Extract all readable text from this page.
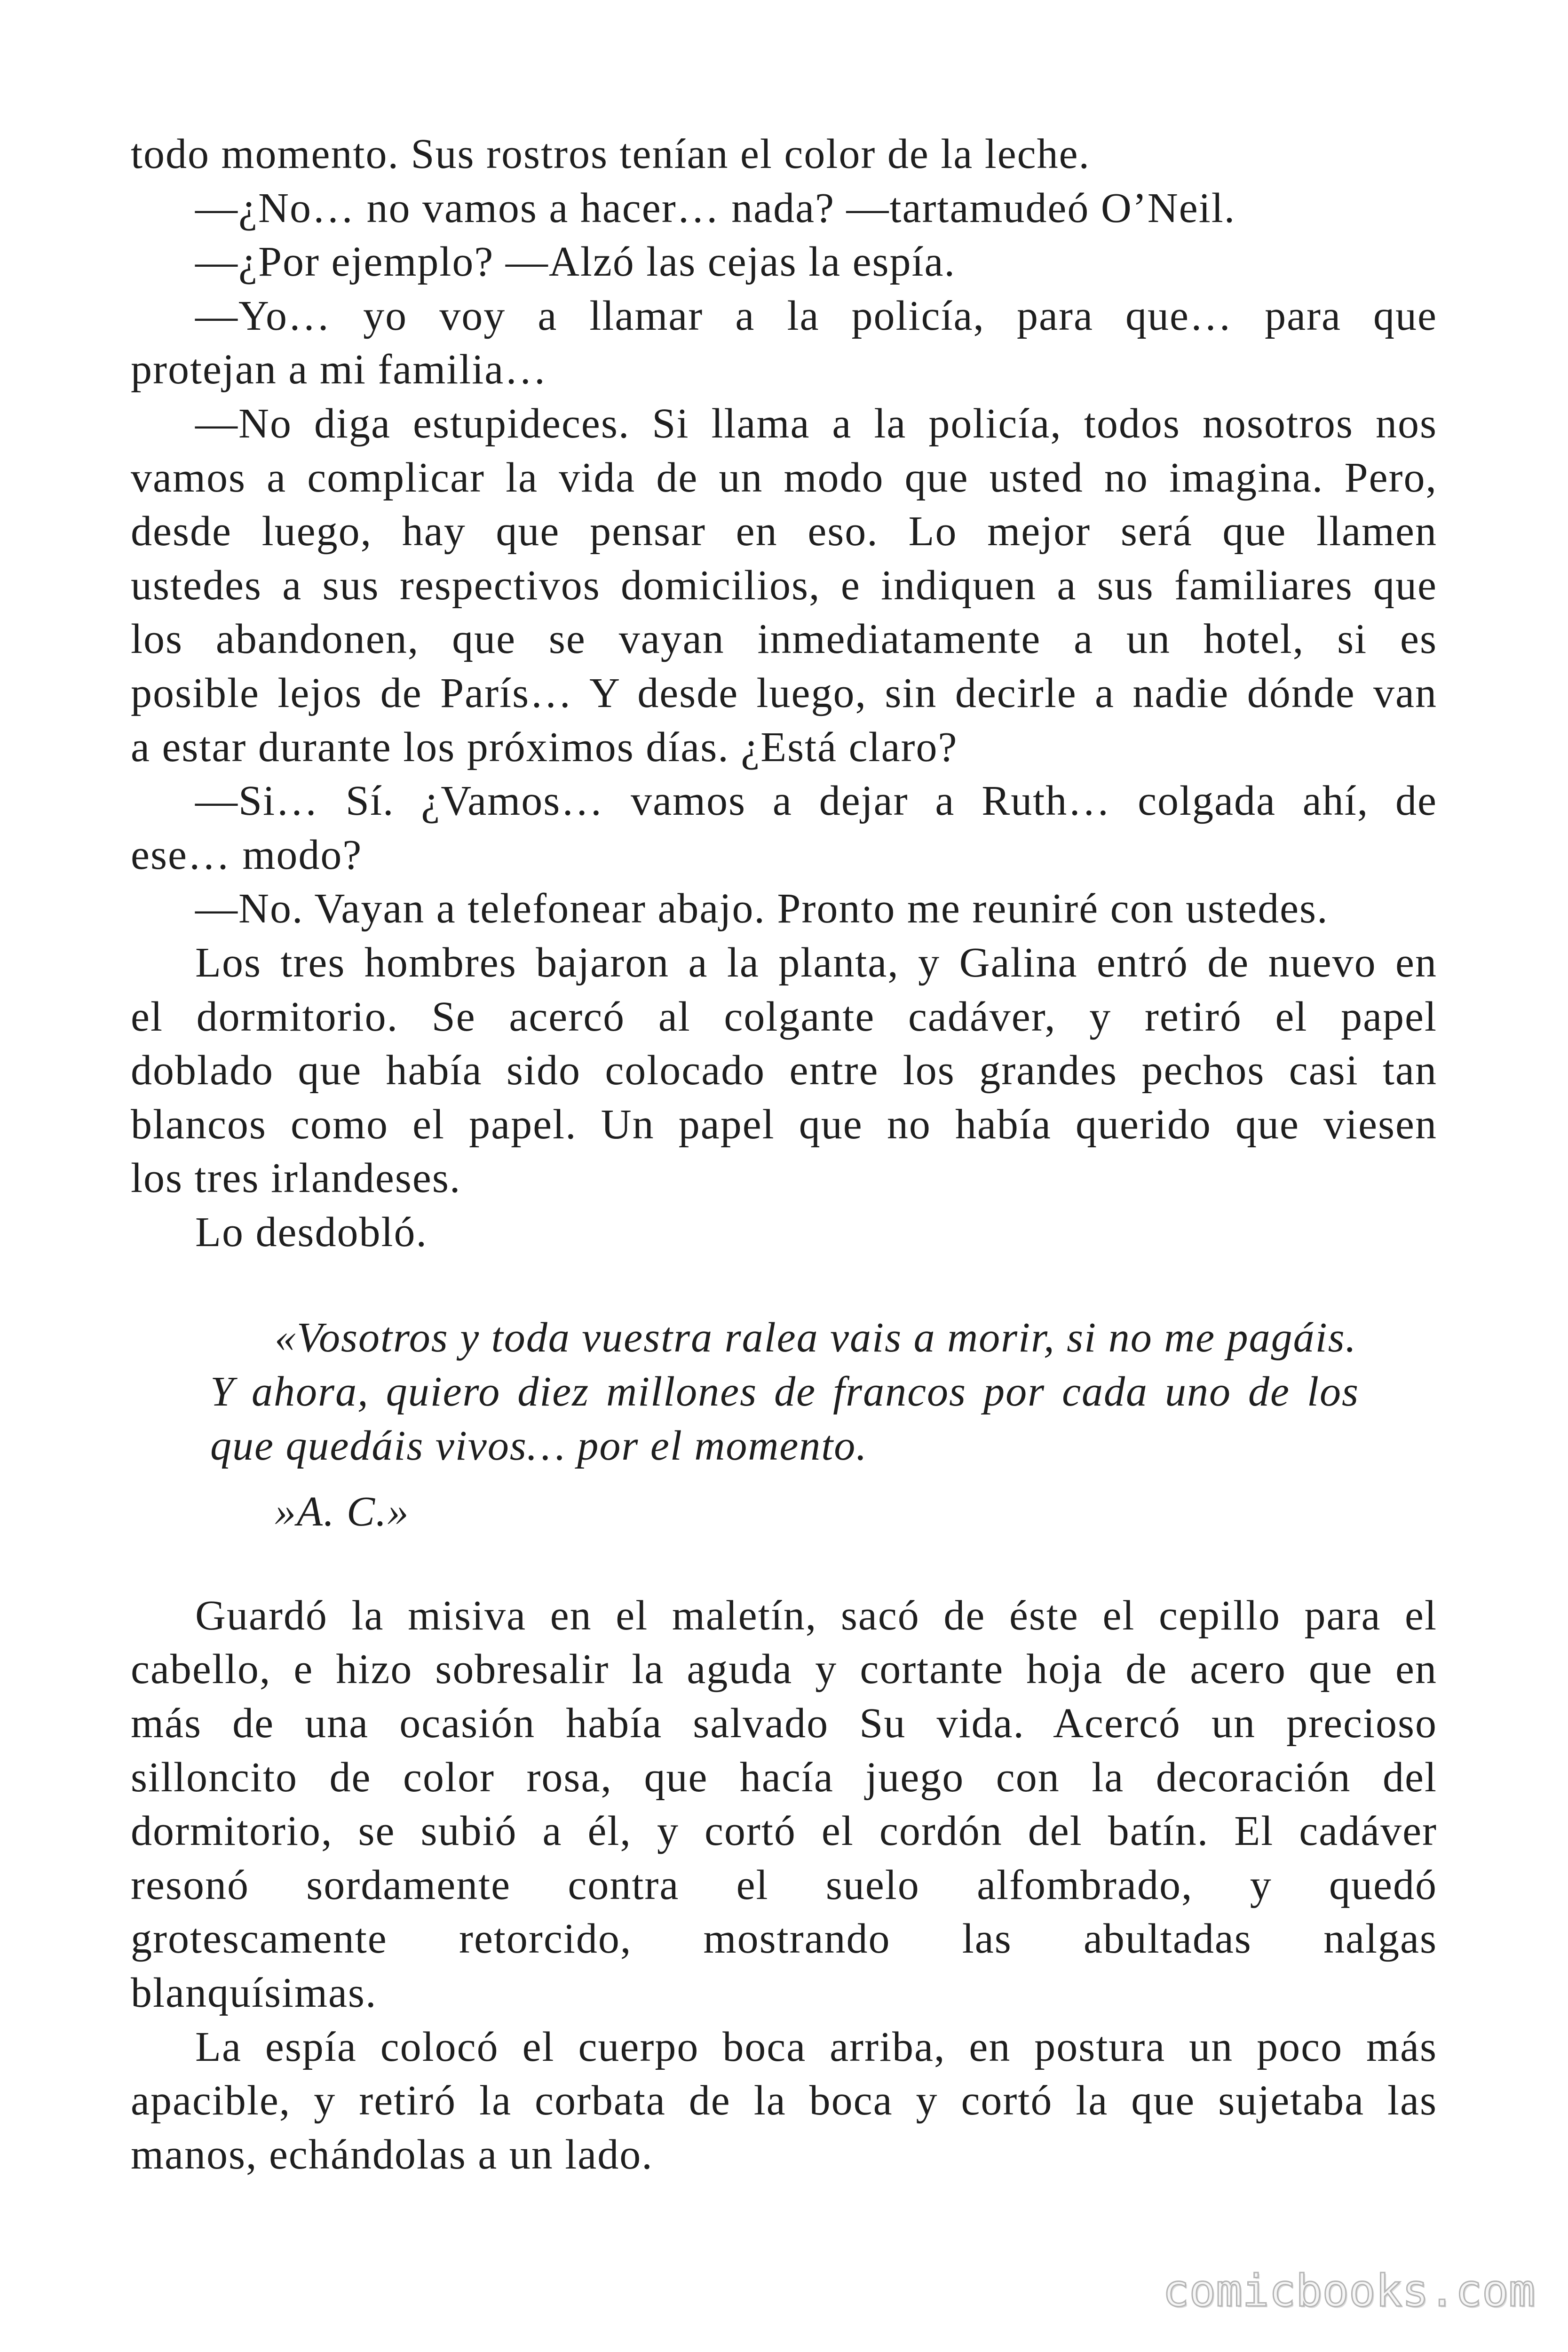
todo momento. Sus rostros tenían el color de la leche.
—¿No… no vamos a hacer… nada? —tartamudeó O’Neil.
—¿Por ejemplo? —Alzó las cejas la espía.
—Yo… yo voy a llamar a la policía, para que… para que
protejan a mi familia…
—No diga estupideces. Si llama a la policía, todos nosotros nos
vamos a complicar la vida de un modo que usted no imagina. Pero,
desde luego, hay que pensar en eso. Lo mejor será que llamen
ustedes a sus respectivos domicilios, e indiquen a sus familiares que
los abandonen, que se vayan inmediatamente a un hotel, si es
posible lejos de París… Y desde luego, sin decirle a nadie dónde van
a estar durante los próximos días. ¿Está claro?
—Si… Sí. ¿Vamos… vamos a dejar a Ruth… colgada ahí, de
ese… modo?
—No. Vayan a telefonear abajo. Pronto me reuniré con ustedes.
Los tres hombres bajaron a la planta, y Galina entró de nuevo en
el dormitorio. Se acercó al colgante cadáver, y retiró el papel
doblado que había sido colocado entre los grandes pechos casi tan
blancos como el papel. Un papel que no había querido que viesen
los tres irlandeses.
Lo desdobló.
«Vosotros y toda vuestra ralea vais a morir, si no me pagáis.
Y ahora, quiero diez millones de francos por cada uno de los
que quedáis vivos… por el momento.
»A. C.»
Guardó la misiva en el maletín, sacó de éste el cepillo para el
cabello, e hizo sobresalir la aguda y cortante hoja de acero que en
más de una ocasión había salvado Su vida. Acercó un precioso
silloncito de color rosa, que hacía juego con la decoración del
dormitorio, se subió a él, y cortó el cordón del batín. El cadáver
resonó sordamente contra el suelo alfombrado, y quedó
grotescamente retorcido, mostrando las abultadas nalgas
blanquísimas.
La espía colocó el cuerpo boca arriba, en postura un poco más
apacible, y retiró la corbata de la boca y cortó la que sujetaba las
manos, echándolas a un lado.
comicbooks.com
